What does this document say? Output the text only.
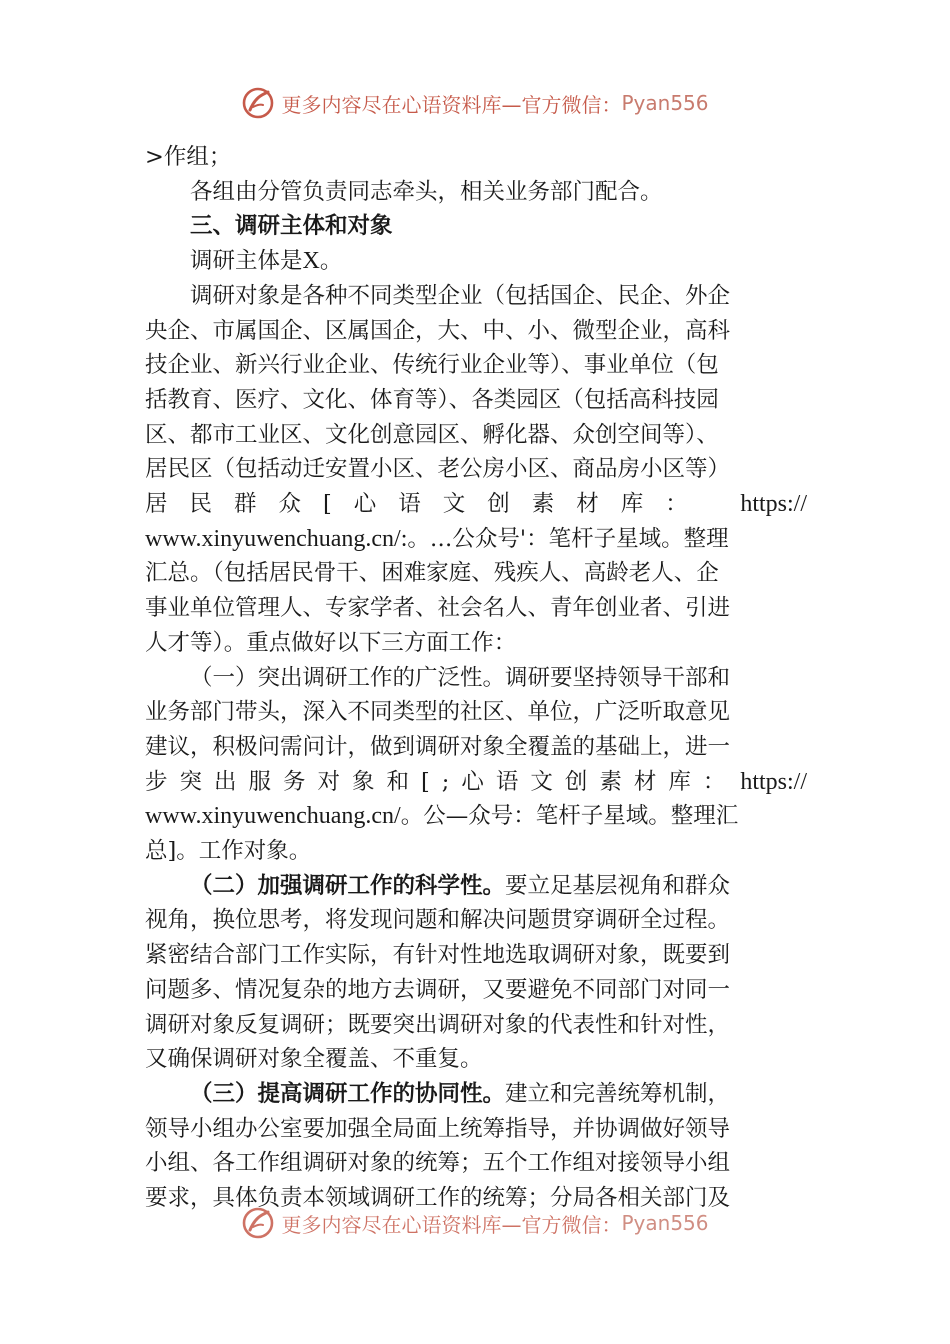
更多内容尽在心语资料库—官方微信： Pyan556

>作组；

各组由分管负责同志牵头，相关业务部门配合。

三、调研主体和对象

调研主体是X。

调研对象是各种不同类型企业（包括国企、民企、外企

央企、市属国企、区属国企，大、中、小、微型企业，高科

技企业、新兴行业企业、传统行业企业等）、事业单位（包

括教育、医疗、文化、体育等）、各类园区（包括高科技园

区、都市工业区、文化创意园区、孵化器、众创空间等）、

居民区（包括动迁安置小区、老公房小区、商品房小区等）

居民群众[心语文创素材库： https://

www.xinyuwenchuang.cn/:。…公众号'：笔杆子星域。整理

汇总。（包括居民骨干、困难家庭、残疾人、高龄老人、企

事业单位管理人、专家学者、社会名人、青年创业者、引进

人才等）。重点做好以下三方面工作：

（一）突出调研工作的广泛性。调研要坚持领导干部和

业务部门带头，深入不同类型的社区、单位，广泛听取意见

建议，积极问需问计，做到调研对象全覆盖的基础上，进一

步突出服务对象和[;心语文创素材库： https://

www.xinyuwenchuang.cn/。公—众号：笔杆子星域。整理汇

总]。工作对象。

（二）加强调研工作的科学性。要立足基层视角和群众

视角，换位思考，将发现问题和解决问题贯穿调研全过程。

紧密结合部门工作实际，有针对性地选取调研对象，既要到

问题多、情况复杂的地方去调研，又要避免不同部门对同一

调研对象反复调研；既要突出调研对象的代表性和针对性，

又确保调研对象全覆盖、不重复。

（三）提高调研工作的协同性。建立和完善统筹机制，

领导小组办公室要加强全局面上统筹指导，并协调做好领导

小组、各工作组调研对象的统筹；五个工作组对接领导小组

要求，具体负责本领域调研工作的统筹；分局各相关部门及

更多内容尽在心语资料库—官方微信： Pyan556
